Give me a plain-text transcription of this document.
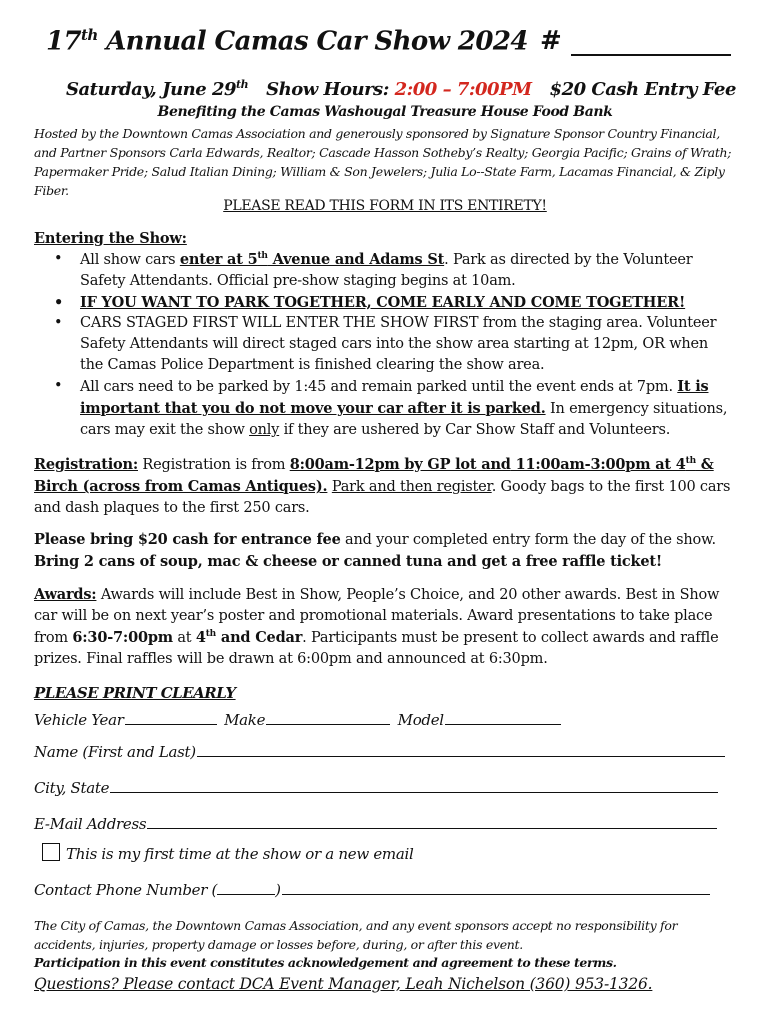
17th Annual Camas Car Show 2024 #
Saturday, June 29th Show Hours: 2:00 – 7:00PM $20 Cash Entry Fee
Benefiting the Camas Washougal Treasure House Food Bank
Hosted by the Downtown Camas Association and generously sponsored by Signature Sponsor Country Financial, and Partner Sponsors Carla Edwards, Realtor; Cascade Hasson Sotheby’s Realty; Georgia Pacific; Grains of Wrath; Papermaker Pride; Salud Italian Dining; William & Son Jewelers; Julia Lo--State Farm, Lacamas Financial, & Ziply Fiber.
PLEASE READ THIS FORM IN ITS ENTIRETY!
Entering the Show:
• All show cars enter at 5th Avenue and Adams St. Park as directed by the Volunteer Safety Attendants. Official pre-show staging begins at 10am.
• IF YOU WANT TO PARK TOGETHER, COME EARLY AND COME TOGETHER!
• CARS STAGED FIRST WILL ENTER THE SHOW FIRST from the staging area. Volunteer Safety Attendants will direct staged cars into the show area starting at 12pm, OR when the Camas Police Department is finished clearing the show area.
• All cars need to be parked by 1:45 and remain parked until the event ends at 7pm. It is important that you do not move your car after it is parked. In emergency situations, cars may exit the show only if they are ushered by Car Show Staff and Volunteers.
Registration: Registration is from 8:00am-12pm by GP lot and 11:00am-3:00pm at 4th & Birch (across from Camas Antiques). Park and then register. Goody bags to the first 100 cars and dash plaques to the first 250 cars.
Please bring $20 cash for entrance fee and your completed entry form the day of the show.
Bring 2 cans of soup, mac & cheese or canned tuna and get a free raffle ticket!
Awards: Awards will include Best in Show, People’s Choice, and 20 other awards. Best in Show car will be on next year’s poster and promotional materials. Award presentations to take place from 6:30-7:00pm at 4th and Cedar. Participants must be present to collect awards and raffle prizes. Final raffles will be drawn at 6:00pm and announced at 6:30pm.
PLEASE PRINT CLEARLY
Vehicle Year	Make	Model
Name (First and Last)
City, State
E-Mail Address
This is my first time at the show or a new email
Contact Phone Number (	)
The City of Camas, the Downtown Camas Association, and any event sponsors accept no responsibility for accidents, injuries, property damage or losses before, during, or after this event.
Participation in this event constitutes acknowledgement and agreement to these terms.
Questions? Please contact DCA Event Manager, Leah Nichelson (360) 953-1326.
